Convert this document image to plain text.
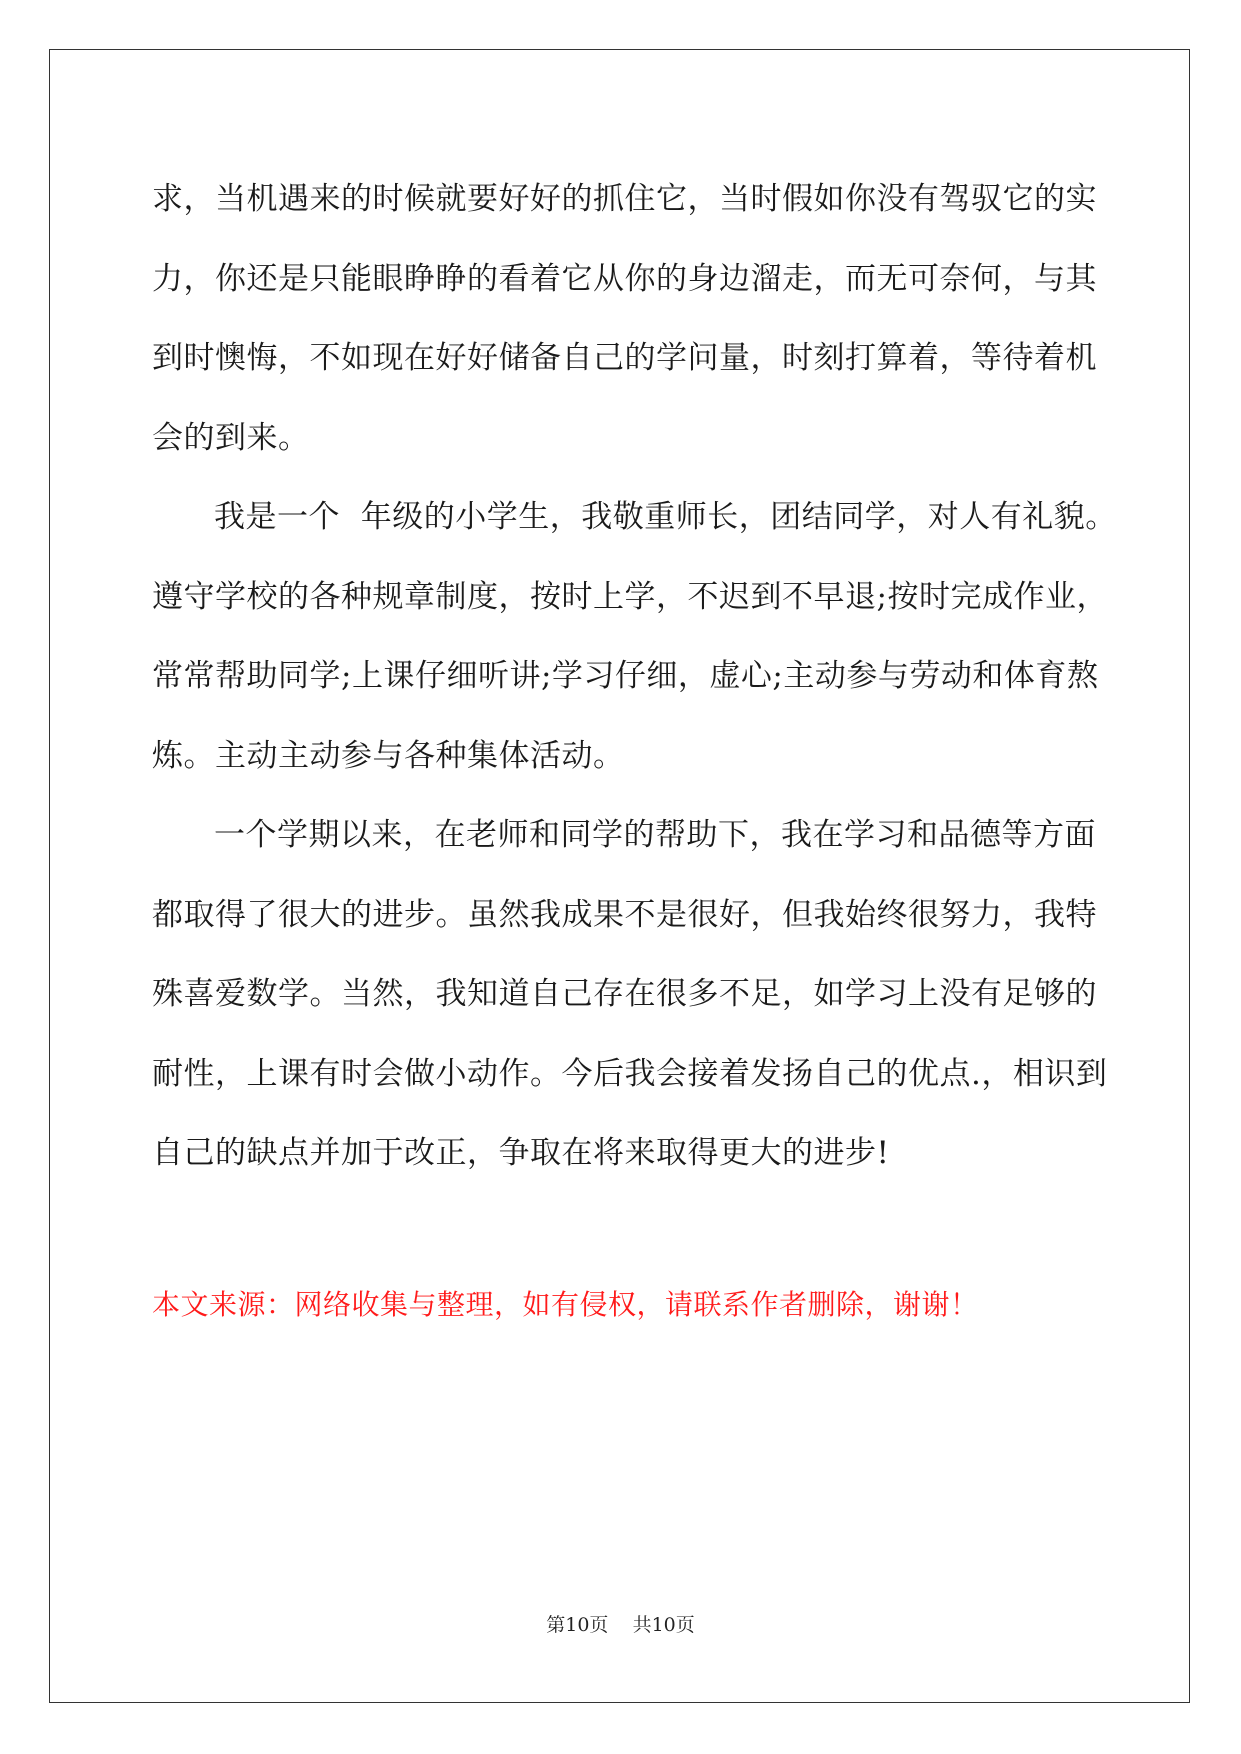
求，当机遇来的时候就要好好的抓住它，当时假如你没有驾驭它的实
力，你还是只能眼睁睁的看着它从你的身边溜走，而无可奈何，与其
到时懊悔，不如现在好好储备自己的学问量，时刻打算着，等待着机
会的到来。

我是一个  年级的小学生，我敬重师长，团结同学，对人有礼貌。
遵守学校的各种规章制度，按时上学，不迟到不早退;按时完成作业，
常常帮助同学;上课仔细听讲;学习仔细，虚心;主动参与劳动和体育熬
炼。主动主动参与各种集体活动。

一个学期以来，在老师和同学的帮助下，我在学习和品德等方面
都取得了很大的进步。虽然我成果不是很好，但我始终很努力，我特
殊喜爱数学。当然，我知道自己存在很多不足，如学习上没有足够的
耐性，上课有时会做小动作。今后我会接着发扬自己的优点.，相识到
自己的缺点并加于改正，争取在将来取得更大的进步!

本文来源：网络收集与整理，如有侵权，请联系作者删除，谢谢！
第10页    共10页
